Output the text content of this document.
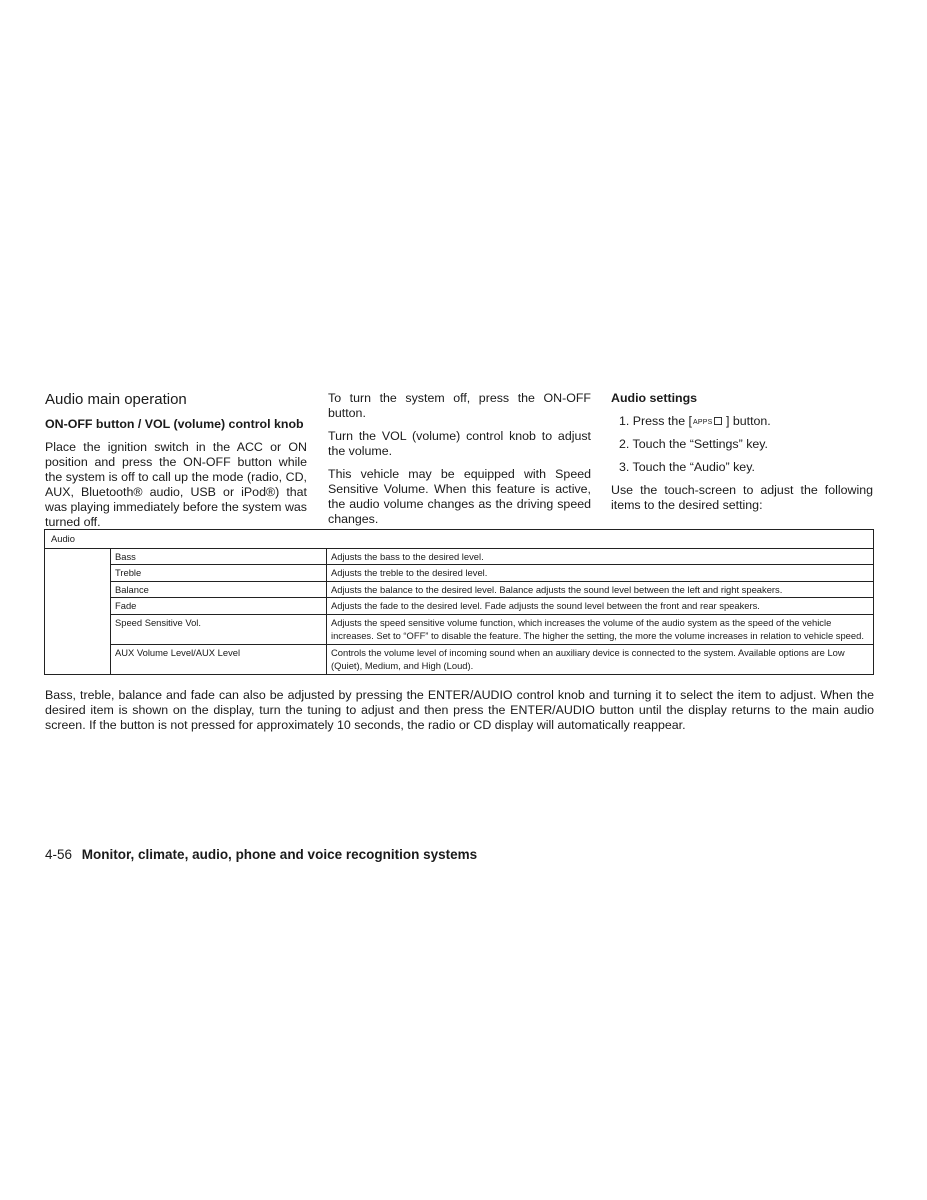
Audio main operation
ON-OFF button / VOL (volume) control knob

Place the ignition switch in the ACC or ON position and press the ON-OFF button while the system is off to call up the mode (radio, CD, AUX, Bluetooth® audio, USB or iPod®) that was playing immediately before the system was turned off.

To turn the system off, press the ON-OFF button.

Turn the VOL (volume) control knob to adjust the volume.

This vehicle may be equipped with Speed Sensitive Volume. When this feature is active, the audio volume changes as the driving speed changes.

Audio settings
1. Press the [APPS ] button.
2. Touch the “Settings” key.
3. Touch the “Audio” key.

Use the touch-screen to adjust the following items to the desired setting:

Audio		
	Bass	Adjusts the bass to the desired level.
	Treble	Adjusts the treble to the desired level.
	Balance	Adjusts the balance to the desired level. Balance adjusts the sound level between the left and right speakers.
	Fade	Adjusts the fade to the desired level. Fade adjusts the sound level between the front and rear speakers.
	Speed Sensitive Vol.	Adjusts the speed sensitive volume function, which increases the volume of the audio system as the speed of the vehicle increases. Set to “OFF” to disable the feature. The higher the setting, the more the volume increases in relation to vehicle speed.
	AUX Volume Level/AUX Level	Controls the volume level of incoming sound when an auxiliary device is connected to the system. Available options are Low (Quiet), Medium, and High (Loud).

Bass, treble, balance and fade can also be adjusted by pressing the ENTER/AUDIO control knob and turning it to select the item to adjust. When the desired item is shown on the display, turn the tuning to adjust and then press the ENTER/AUDIO button until the display returns to the main audio screen. If the button is not pressed for approximately 10 seconds, the radio or CD display will automatically reappear.

4-56 Monitor, climate, audio, phone and voice recognition systems
